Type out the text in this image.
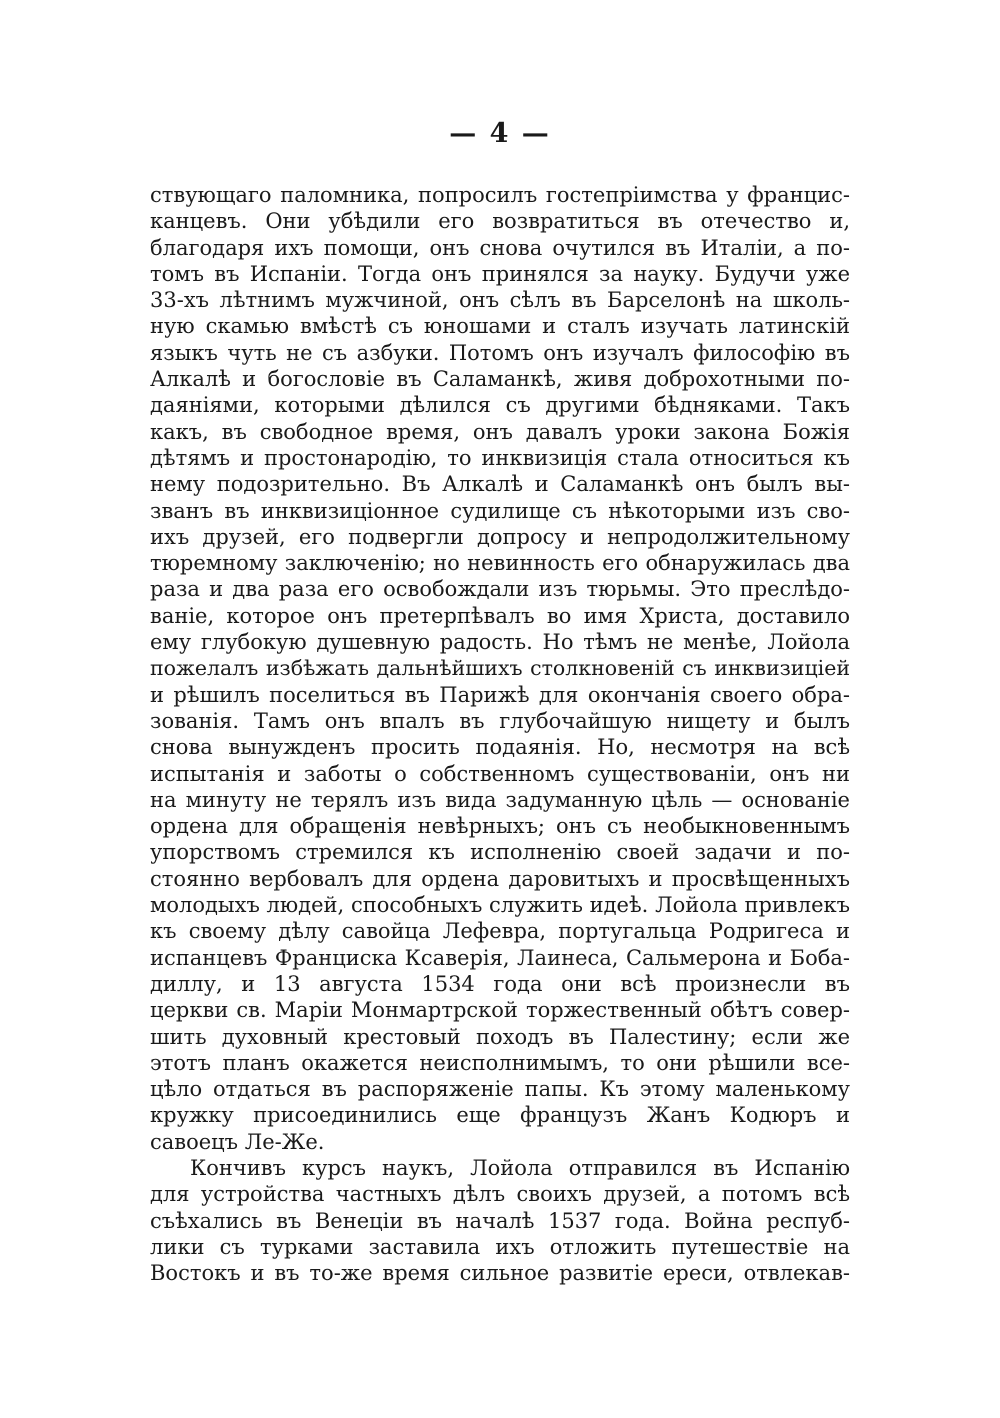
— 4 —
ствующаго паломника, попросилъ гостепріимства у францис-
канцевъ. Они убѣдили его возвратиться въ отечество и,
благодаря ихъ помощи, онъ снова очутился въ Италіи, а по-
томъ въ Испаніи. Тогда онъ принялся за науку. Будучи уже
33-хъ лѣтнимъ мужчиной, онъ сѣлъ въ Барселонѣ на школь-
ную скамью вмѣстѣ съ юношами и сталъ изучать латинскій
языкъ чуть не съ азбуки. Потомъ онъ изучалъ философію въ
Алкалѣ и богословіе въ Саламанкѣ, живя доброхотными по-
даяніями, которыми дѣлился съ другими бѣдняками. Такъ
какъ, въ свободное время, онъ давалъ уроки закона Божія
дѣтямъ и простонародію, то инквизиція стала относиться къ
нему подозрительно. Въ Алкалѣ и Саламанкѣ онъ былъ вы-
званъ въ инквизиціонное судилище съ нѣкоторыми изъ сво-
ихъ друзей, его подвергли допросу и непродолжительному
тюремному заключенію; но невинность его обнаружилась два
раза и два раза его освобождали изъ тюрьмы. Это преслѣдо-
ваніе, которое онъ претерпѣвалъ во имя Христа, доставило
ему глубокую душевную радость. Но тѣмъ не менѣе, Лойола
пожелалъ избѣжать дальнѣйшихъ столкновеній съ инквизиціей
и рѣшилъ поселиться въ Парижѣ для окончанія своего обра-
зованія. Тамъ онъ впалъ въ глубочайшую нищету и былъ
снова вынужденъ просить подаянія. Но, несмотря на всѣ
испытанія и заботы о собственномъ существованіи, онъ ни
на минуту не терялъ изъ вида задуманную цѣль — основаніе
ордена для обращенія невѣрныхъ; онъ съ необыкновеннымъ
упорствомъ стремился къ исполненію своей задачи и по-
стоянно вербовалъ для ордена даровитыхъ и просвѣщенныхъ
молодыхъ людей, способныхъ служить идеѣ. Лойола привлекъ
къ своему дѣлу савойца Лефевра, португальца Родригеса и
испанцевъ Франциска Ксаверія, Лаинеса, Сальмерона и Боба-
диллу, и 13 августа 1534 года они всѣ произнесли въ
церкви св. Маріи Монмартрской торжественный обѣтъ совер-
шить духовный крестовый походъ въ Палестину; если же
этотъ планъ окажется неисполнимымъ, то они рѣшили все-
цѣло отдаться въ распоряженіе папы. Къ этому маленькому
кружку присоединились еще французъ Жанъ Кодюръ и
савоецъ Ле-Же.
Кончивъ курсъ наукъ, Лойола отправился въ Испанію
для устройства частныхъ дѣлъ своихъ друзей, а потомъ всѣ
съѣхались въ Венеціи въ началѣ 1537 года. Война респуб-
лики съ турками заставила ихъ отложить путешествіе на
Востокъ и въ то-же время сильное развитіе ереси, отвлекав-
